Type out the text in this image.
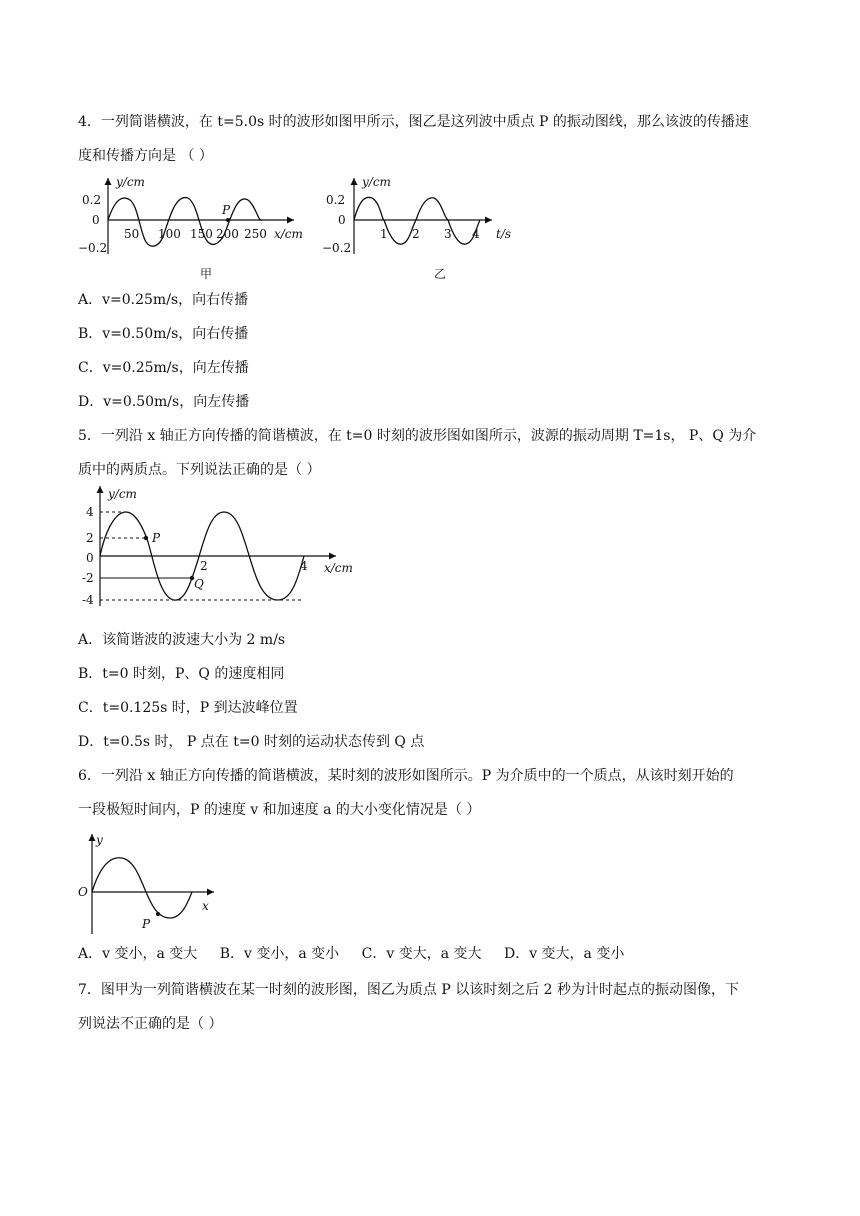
4．一列简谐横波，在 t=5.0s 时的波形如图甲所示，图乙是这列波中质点 P 的振动图线，那么该波的传播速
度和传播方向是 （ ）
y/cm
0.2
0
−0.2
50 100 150 200 250 x/cm
P
甲
y/cm
0.2
0
−0.2
1 2 3 4 t/s
乙
A．v=0.25m/s，向右传播
B．v=0.50m/s，向右传播
C．v=0.25m/s，向左传播
D．v=0.50m/s，向左传播
5．一列沿 x 轴正方向传播的简谐横波，在 t=0 时刻的波形图如图所示，波源的振动周期 T=1s， P、Q 为介
质中的两质点。下列说法正确的是（ ）
y/cm
4
2
0
-2
-4
2	4 x/cm
P
Q
A．该简谐波的波速大小为 2 m/s
B．t=0 时刻，P、Q 的速度相同
C．t=0.125s 时，P 到达波峰位置
D．t=0.5s 时， P 点在 t=0 时刻的运动状态传到 Q 点
6．一列沿 x 轴正方向传播的简谐横波，某时刻的波形如图所示。P 为介质中的一个质点，从该时刻开始的
一段极短时间内，P 的速度 v 和加速度 a 的大小变化情况是（ ）
y
O
x
P
A．v 变小，a 变大 B．v 变小，a 变小 C．v 变大，a 变大 D．v 变大，a 变小
7．图甲为一列简谐横波在某一时刻的波形图，图乙为质点 P 以该时刻之后 2 秒为计时起点的振动图像，下
列说法不正确的是（ ）
